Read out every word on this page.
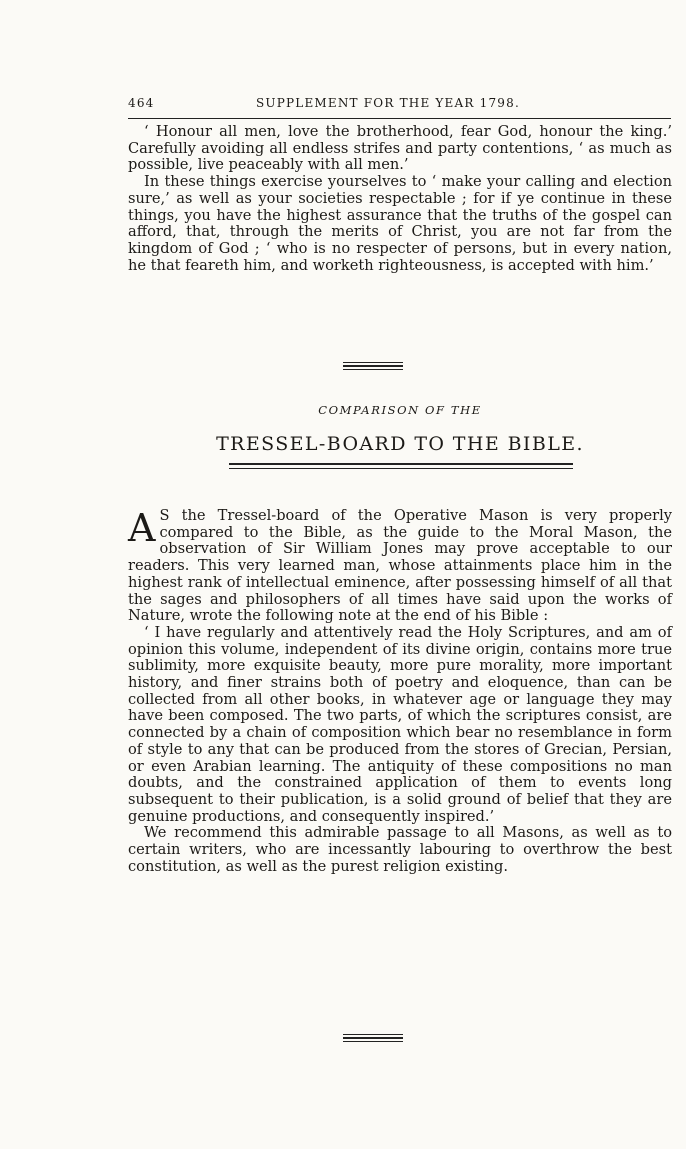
464	SUPPLEMENT FOR THE YEAR 1798.

‘ Honour all men, love the brotherhood, fear God, honour the king.’ Carefully avoiding all endless strifes and party contentions, ‘ as much as possible, live peaceably with all men.’

In these things exercise yourselves to ‘ make your calling and election sure,’ as well as your societies respectable ; for if ye continue in these things, you have the highest assurance that the truths of the gospel can afford, that, through the merits of Christ, you are not far from the kingdom of God ; ‘ who is no respecter of persons, but in every nation, he that feareth him, and worketh righteousness, is accepted with him.’

COMPARISON OF THE
TRESSEL-BOARD TO THE BIBLE.

A S the Tressel-board of the Operative Mason is very properly compared to the Bible, as the guide to the Moral Mason, the observation of Sir William Jones may prove acceptable to our readers. This very learned man, whose attainments place him in the highest rank of intellectual eminence, after possessing himself of all that the sages and philosophers of all times have said upon the works of Nature, wrote the following note at the end of his Bible :

‘ I have regularly and attentively read the Holy Scriptures, and am of opinion this volume, independent of its divine origin, contains more true sublimity, more exquisite beauty, more pure morality, more important history, and finer strains both of poetry and eloquence, than can be collected from all other books, in whatever age or language they may have been composed. The two parts, of which the scriptures consist, are connected by a chain of composition which bear no resemblance in form of style to any that can be produced from the stores of Grecian, Persian, or even Arabian learning. The antiquity of these compositions no man doubts, and the constrained application of them to events long subsequent to their publication, is a solid ground of belief that they are genuine productions, and consequently inspired.’

We recommend this admirable passage to all Masons, as well as to certain writers, who are incessantly labouring to overthrow the best constitution, as well as the purest religion existing.
